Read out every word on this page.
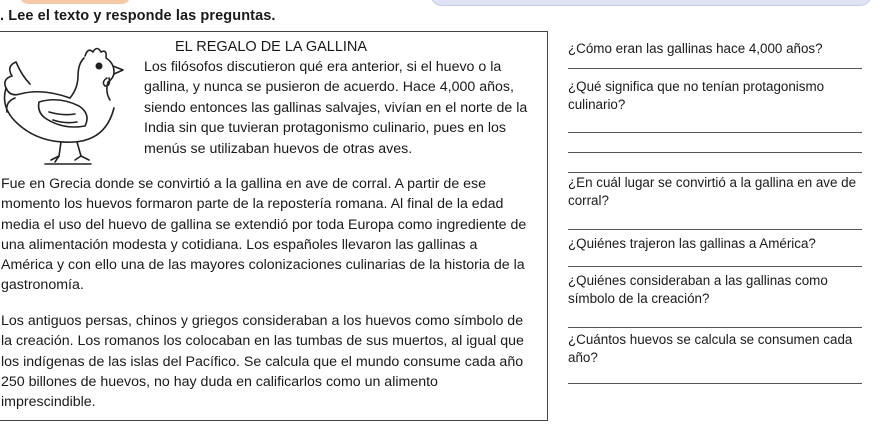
. Lee el texto y responde las preguntas.
EL REGALO DE LA GALLINA
Los filósofos discutieron qué era anterior, si el huevo o la
gallina, y nunca se pusieron de acuerdo. Hace 4,000 años,
siendo entonces las gallinas salvajes, vivían en el norte de la
India sin que tuvieran protagonismo culinario, pues en los
menús se utilizaban huevos de otras aves.
Fue en Grecia donde se convirtió a la gallina en ave de corral. A partir de ese
momento los huevos formaron parte de la repostería romana. Al final de la edad
media el uso del huevo de gallina se extendió por toda Europa como ingrediente de
una alimentación modesta y cotidiana. Los españoles llevaron las gallinas a
América y con ello una de las mayores colonizaciones culinarias de la historia de la
gastronomía.
Los antiguos persas, chinos y griegos consideraban a los huevos como símbolo de
la creación. Los romanos los colocaban en las tumbas de sus muertos, al igual que
los indígenas de las islas del Pacífico. Se calcula que el mundo consume cada año
250 billones de huevos, no hay duda en calificarlos como un alimento
imprescindible.
¿Cómo eran las gallinas hace 4,000 años?
¿Qué significa que no tenían protagonismo culinario?
¿En cuál lugar se convirtió a la gallina en ave de corral?
¿Quiénes trajeron las gallinas a América?
¿Quiénes consideraban a las gallinas como símbolo de la creación?
¿Cuántos huevos se calcula se consumen cada año?
